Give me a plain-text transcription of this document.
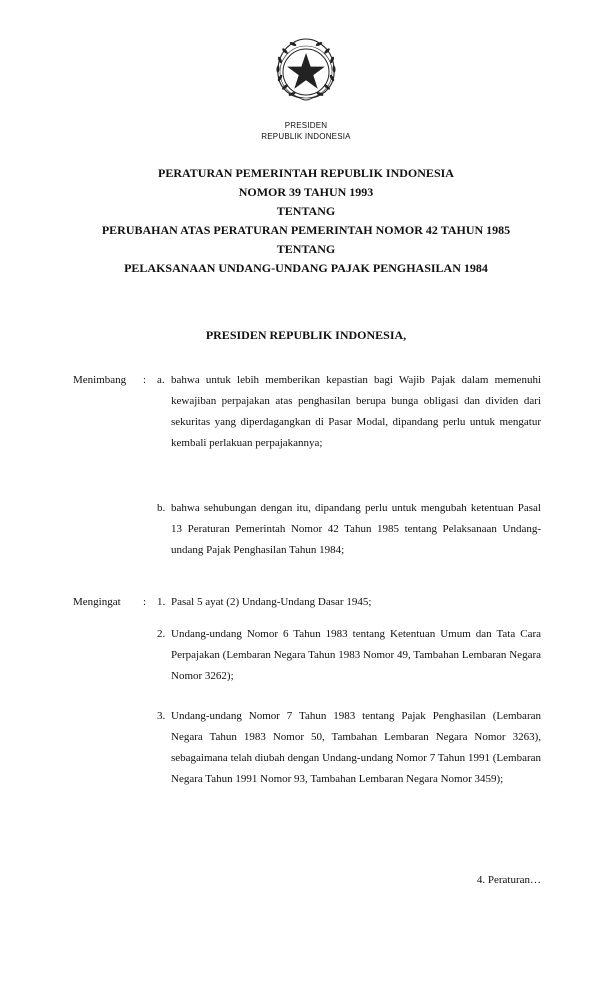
PRESIDEN
REPUBLIK INDONESIA
PERATURAN PEMERINTAH REPUBLIK INDONESIA
NOMOR 39 TAHUN 1993
TENTANG
PERUBAHAN ATAS PERATURAN PEMERINTAH NOMOR 42 TAHUN 1985
TENTANG
PELAKSANAAN UNDANG-UNDANG PAJAK PENGHASILAN 1984
PRESIDEN REPUBLIK INDONESIA,
Menimbang	: a. bahwa untuk lebih memberikan kepastian bagi Wajib Pajak dalam memenuhi kewajiban perpajakan atas penghasilan berupa bunga obligasi dan dividen dari sekuritas yang diperdagangkan di Pasar Modal, dipandang perlu untuk mengatur kembali perlakuan perpajakannya;
b. bahwa sehubungan dengan itu, dipandang perlu untuk mengubah ketentuan Pasal 13 Peraturan Pemerintah Nomor 42 Tahun 1985 tentang Pelaksanaan Undang-undang Pajak Penghasilan Tahun 1984;
Mengingat	: 1. Pasal 5 ayat (2) Undang-Undang Dasar 1945;
2. Undang-undang Nomor 6 Tahun 1983 tentang Ketentuan Umum dan Tata Cara Perpajakan (Lembaran Negara Tahun 1983 Nomor 49, Tambahan Lembaran Negara Nomor 3262);
3. Undang-undang Nomor 7 Tahun 1983 tentang Pajak Penghasilan (Lembaran Negara Tahun 1983 Nomor 50, Tambahan Lembaran Negara Nomor 3263), sebagaimana telah diubah dengan Undang-undang Nomor 7 Tahun 1991 (Lembaran Negara Tahun 1991 Nomor 93, Tambahan Lembaran Negara Nomor 3459);
4. Peraturan…
